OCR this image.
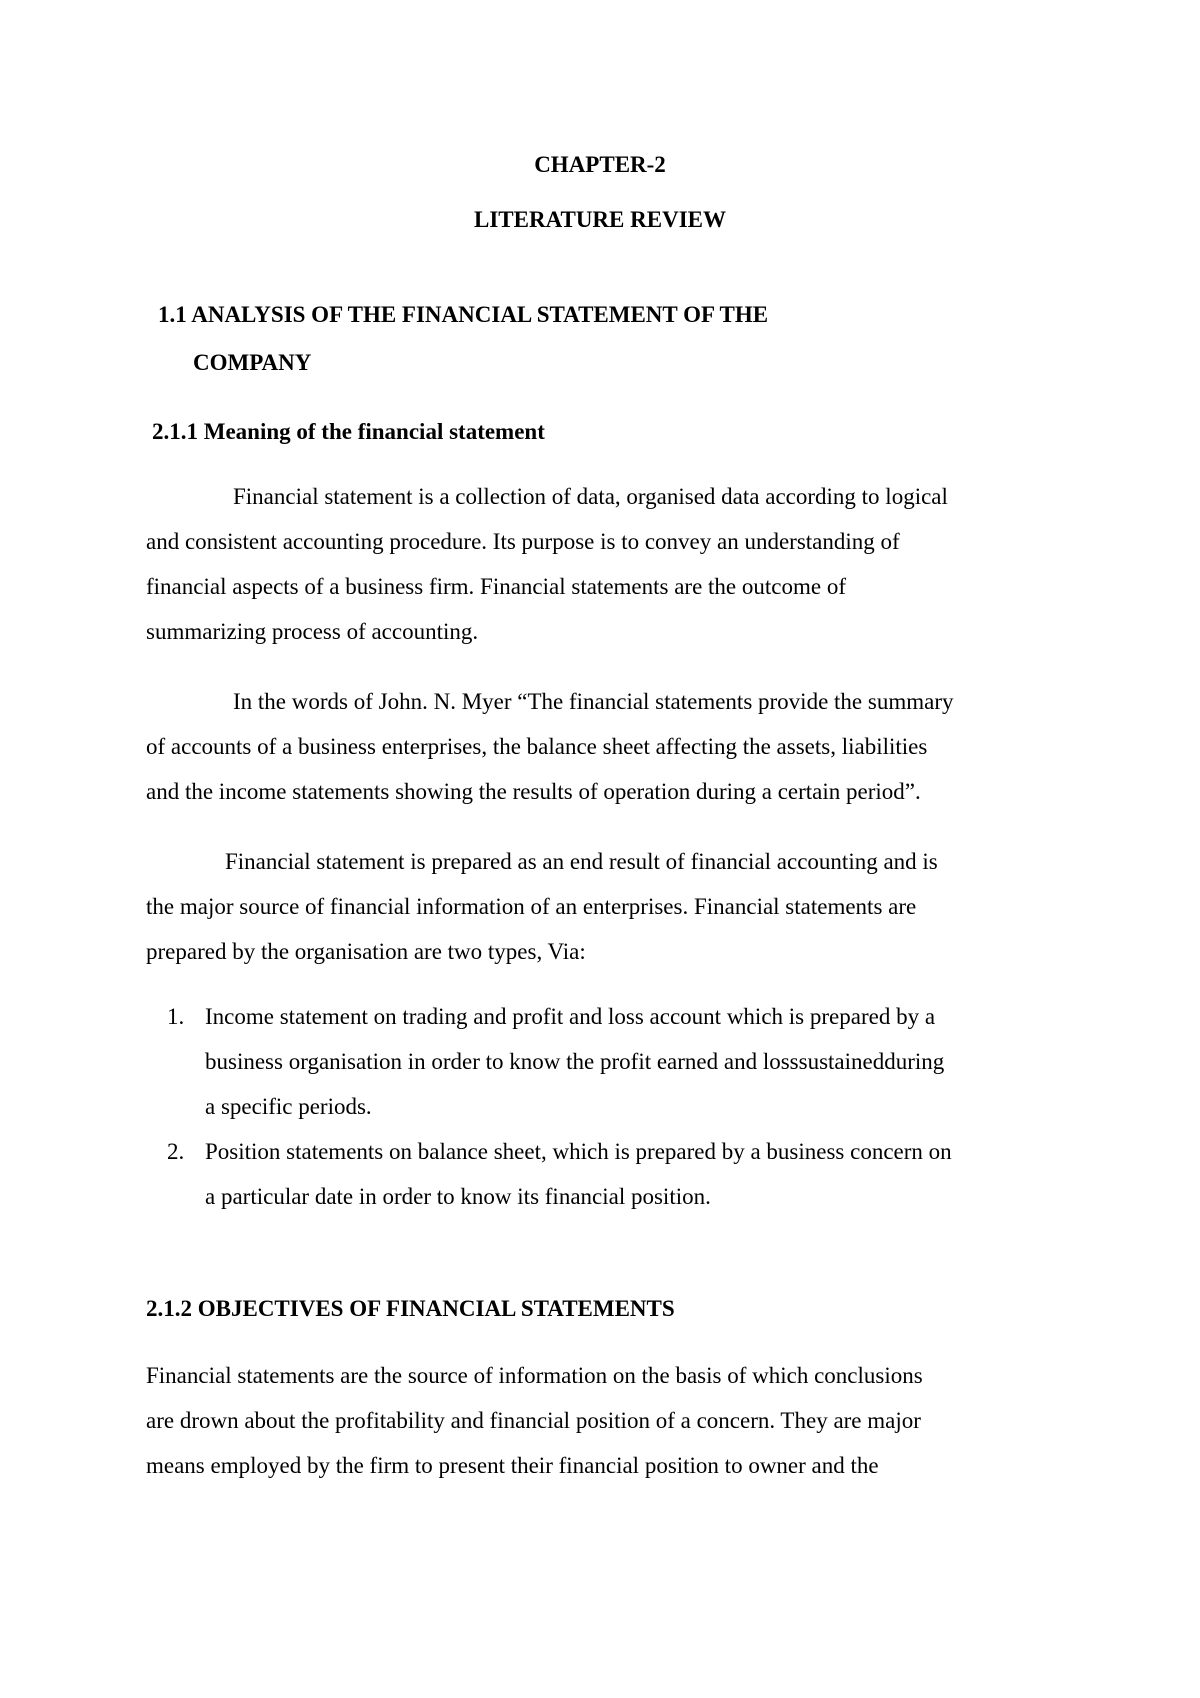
CHAPTER-2
LITERATURE REVIEW
1.1 ANALYSIS OF THE FINANCIAL STATEMENT OF THE
COMPANY
2.1.1 Meaning of the financial statement
Financial statement is a collection of data, organised data according to logical
and consistent accounting procedure. Its purpose is to convey an understanding of
financial aspects of a business firm. Financial statements are the outcome of
summarizing process of accounting.
In the words of John. N. Myer “The financial statements provide the summary
of accounts of a business enterprises, the balance sheet affecting the assets, liabilities
and the income statements showing the results of operation during a certain period”.
Financial statement is prepared as an end result of financial accounting and is
the major source of financial information of an enterprises. Financial statements are
prepared by the organisation are two types, Via:
1. Income statement on trading and profit and loss account which is prepared by a
business organisation in order to know the profit earned and losssustainedduring
a specific periods.
2. Position statements on balance sheet, which is prepared by a business concern on
a particular date in order to know its financial position.
2.1.2 OBJECTIVES OF FINANCIAL STATEMENTS
Financial statements are the source of information on the basis of which conclusions
are drown about the profitability and financial position of a concern. They are major
means employed by the firm to present their financial position to owner and the
